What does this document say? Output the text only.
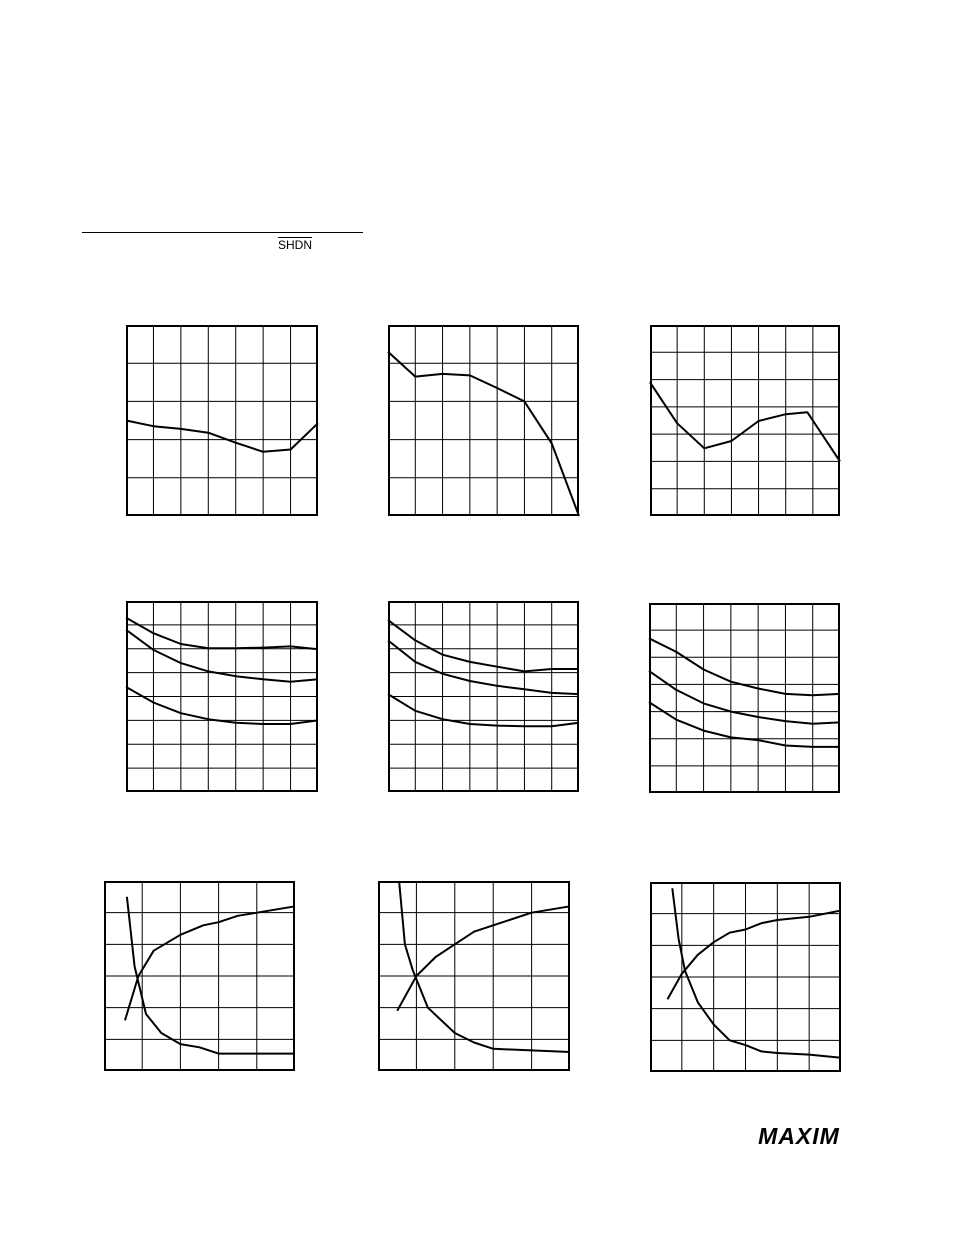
SHDN
MAXIM
